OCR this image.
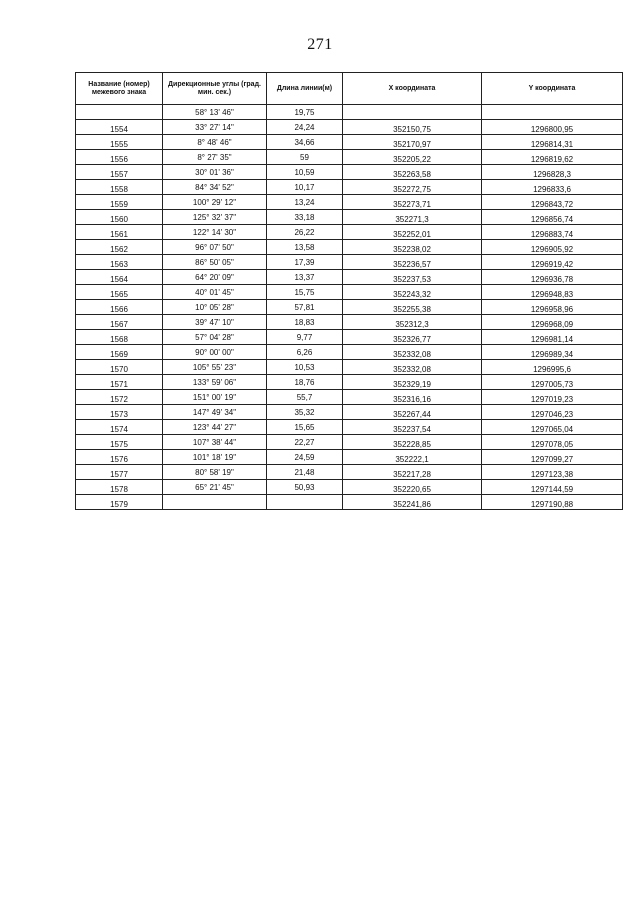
271
Название (номер) межевого знака	Дирекционные углы (град. мин. сек.)	Длина линии(м)	X координата	Y координата
	58° 13' 46"	19,75		
1554	33° 27' 14"	24,24	352150,75	1296800,95
1555	8° 48' 46"	34,66	352170,97	1296814,31
1556	8° 27' 35"	59	352205,22	1296819,62
1557	30° 01' 36"	10,59	352263,58	1296828,3
1558	84° 34' 52"	10,17	352272,75	1296833,6
1559	100° 29' 12"	13,24	352273,71	1296843,72
1560	125° 32' 37"	33,18	352271,3	1296856,74
1561	122° 14' 30"	26,22	352252,01	1296883,74
1562	96° 07' 50"	13,58	352238,02	1296905,92
1563	86° 50' 05"	17,39	352236,57	1296919,42
1564	64° 20' 09"	13,37	352237,53	1296936,78
1565	40° 01' 45"	15,75	352243,32	1296948,83
1566	10° 05' 28"	57,81	352255,38	1296958,96
1567	39° 47' 10"	18,83	352312,3	1296968,09
1568	57° 04' 28"	9,77	352326,77	1296981,14
1569	90° 00' 00"	6,26	352332,08	1296989,34
1570	105° 55' 23"	10,53	352332,08	1296995,6
1571	133° 59' 06"	18,76	352329,19	1297005,73
1572	151° 00' 19"	55,7	352316,16	1297019,23
1573	147° 49' 34"	35,32	352267,44	1297046,23
1574	123° 44' 27"	15,65	352237,54	1297065,04
1575	107° 38' 44"	22,27	352228,85	1297078,05
1576	101° 18' 19"	24,59	352222,1	1297099,27
1577	80° 58' 19"	21,48	352217,28	1297123,38
1578	65° 21' 45"	50,93	352220,65	1297144,59
1579			352241,86	1297190,88
